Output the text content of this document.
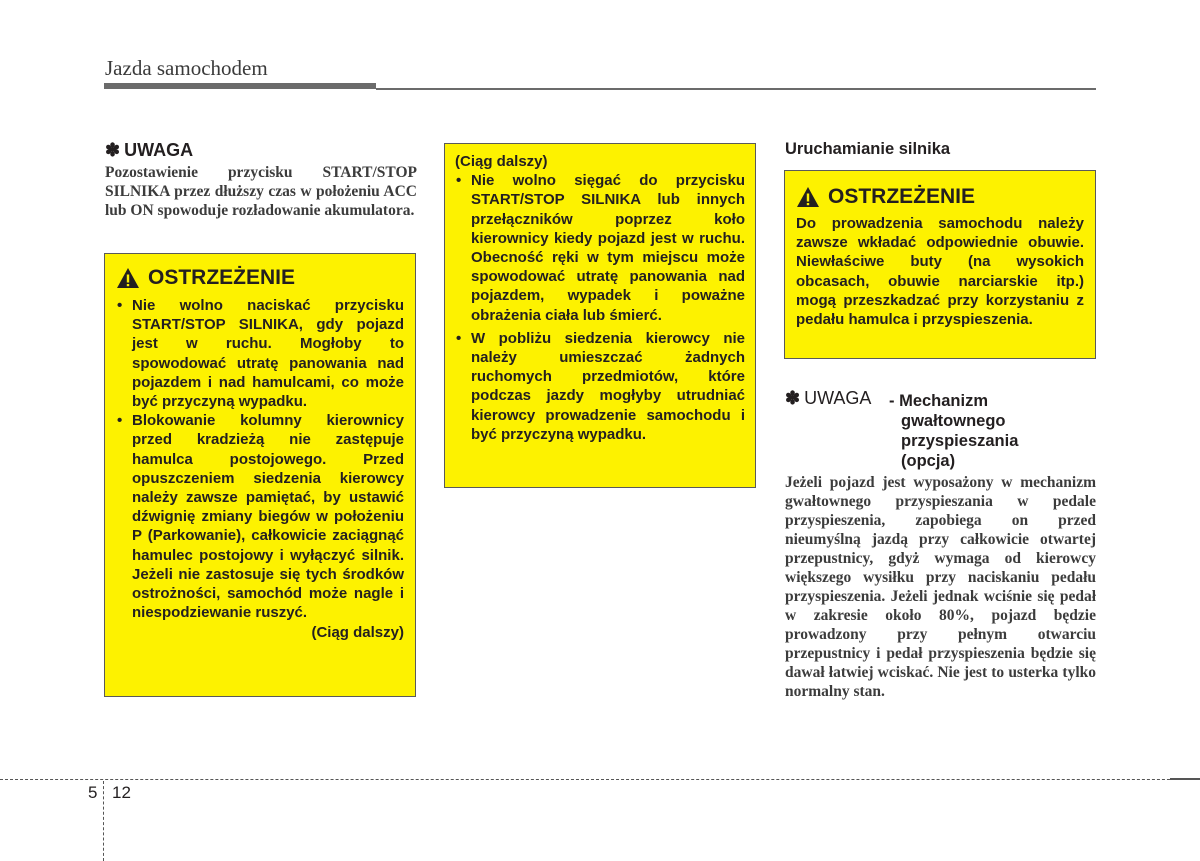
Jazda samochodem
✽ UWAGA
Pozostawienie przycisku START/STOP SILNIKA przez dłuższy czas w położeniu ACC lub ON spowoduje rozładowanie akumulatora.
OSTRZEŻENIE
• Nie wolno naciskać przycisku START/STOP SILNIKA, gdy pojazd jest w ruchu. Mogłoby to spowodować utratę panowania nad pojazdem i nad hamulcami, co może być przyczyną wypadku.
• Blokowanie kolumny kierownicy przed kradzieżą nie zastępuje hamulca postojowego. Przed opuszczeniem siedzenia kierowcy należy zawsze pamiętać, by ustawić dźwignię zmiany biegów w położeniu P (Parkowanie), całkowicie zaciągnąć hamulec postojowy i wyłączyć silnik. Jeżeli nie zastosuje się tych środków ostrożności, samochód może nagle i niespodziewanie ruszyć.
(Ciąg dalszy)
(Ciąg dalszy)
• Nie wolno sięgać do przycisku START/STOP SILNIKA lub innych przełączników poprzez koło kierownicy kiedy pojazd jest w ruchu. Obecność ręki w tym miejscu może spowodować utratę panowania nad pojazdem, wypadek i poważne obrażenia ciała lub śmierć.
• W pobliżu siedzenia kierowcy nie należy umieszczać żadnych ruchomych przedmiotów, które podczas jazdy mogłyby utrudniać kierowcy prowadzenie samochodu i być przyczyną wypadku.
Uruchamianie silnika
OSTRZEŻENIE
Do prowadzenia samochodu należy zawsze wkładać odpowiednie obuwie. Niewłaściwe buty (na wysokich obcasach, obuwie narciarskie itp.) mogą przeszkadzać przy korzystaniu z pedału hamulca i przyspieszenia.
✽ UWAGA - Mechanizm
gwałtownego
przyspieszania
(opcja)
Jeżeli pojazd jest wyposażony w mechanizm gwałtownego przyspieszania w pedale przyspieszenia, zapobiega on przed nieumyślną jazdą przy całkowicie otwartej przepustnicy, gdyż wymaga od kierowcy większego wysiłku przy naciskaniu pedału przyspieszenia. Jeżeli jednak wciśnie się pedał w zakresie około 80%, pojazd będzie prowadzony przy pełnym otwarciu przepustnicy i pedał przyspieszenia będzie się dawał łatwiej wciskać. Nie jest to usterka tylko normalny stan.
5 12
